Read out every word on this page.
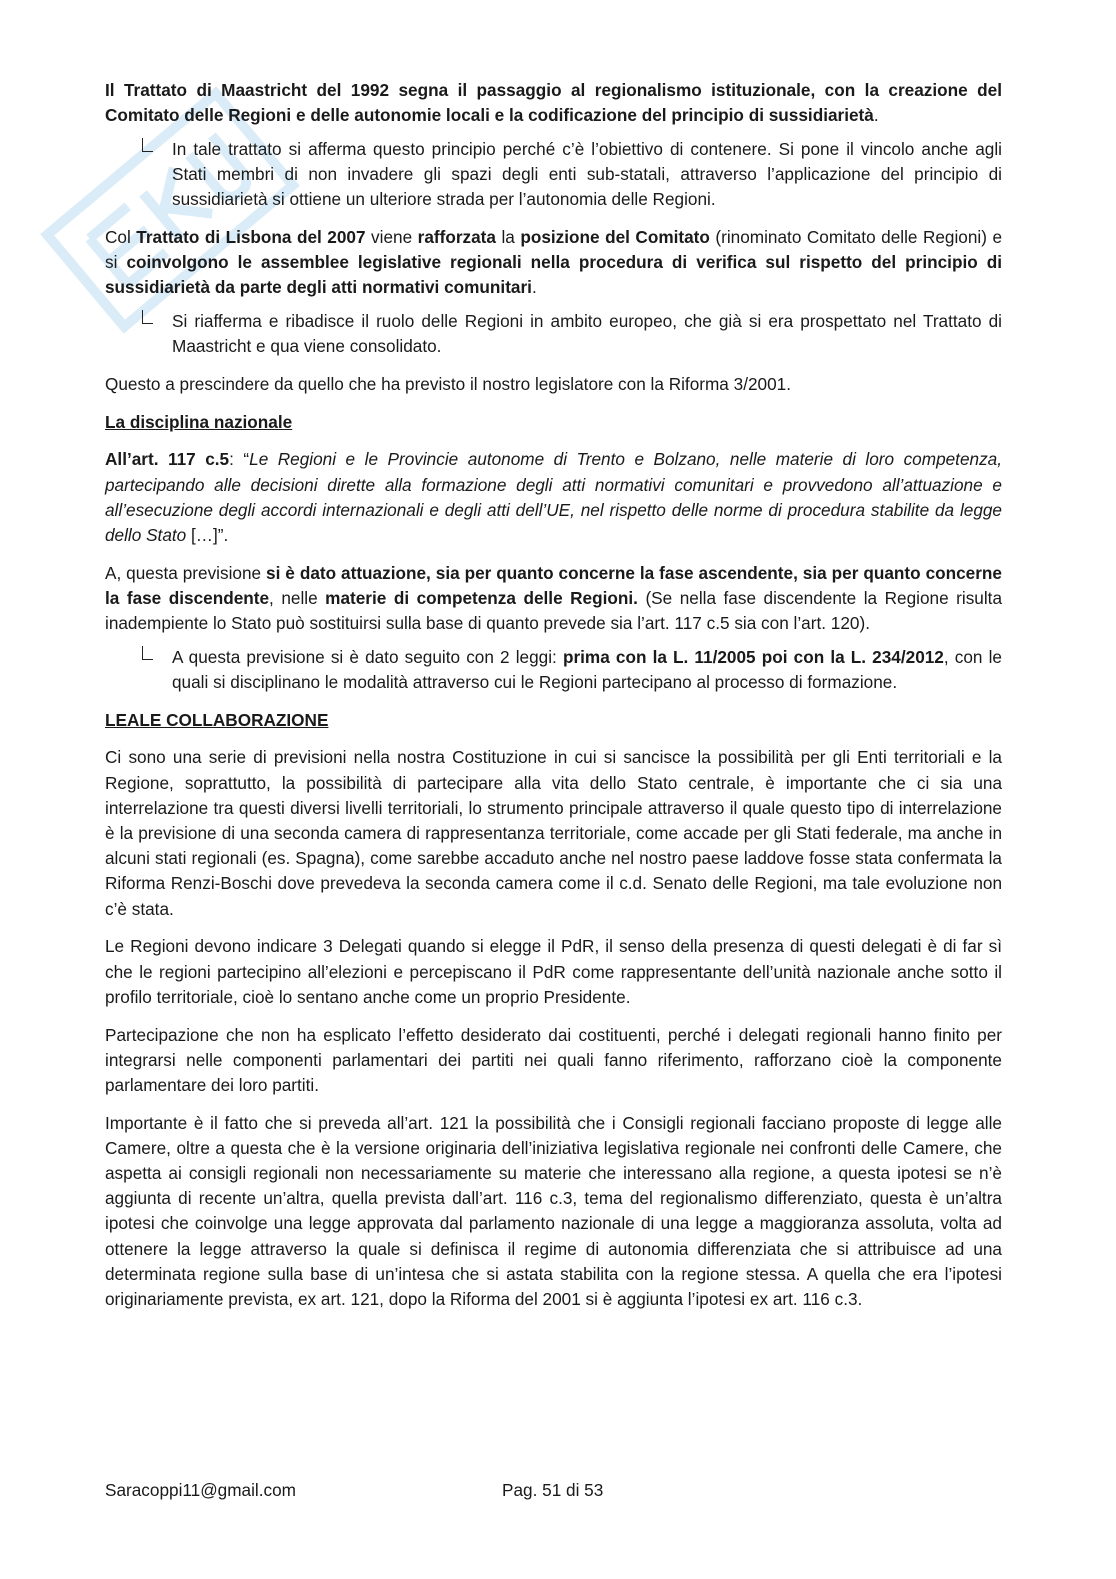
Il Trattato di Maastricht del 1992 segna il passaggio al regionalismo istituzionale, con la creazione del Comitato delle Regioni e delle autonomie locali e la codificazione del principio di sussidiarietà.

In tale trattato si afferma questo principio perché c’è l’obiettivo di contenere. Si pone il vincolo anche agli Stati membri di non invadere gli spazi degli enti sub-statali, attraverso l’applicazione del principio di sussidiarietà si ottiene un ulteriore strada per l’autonomia delle Regioni.

Col Trattato di Lisbona del 2007 viene rafforzata la posizione del Comitato (rinominato Comitato delle Regioni) e si coinvolgono le assemblee legislative regionali nella procedura di verifica sul rispetto del principio di sussidiarietà da parte degli atti normativi comunitari.

Si riafferma e ribadisce il ruolo delle Regioni in ambito europeo, che già si era prospettato nel Trattato di Maastricht e qua viene consolidato.

Questo a prescindere da quello che ha previsto il nostro legislatore con la Riforma 3/2001.

La disciplina nazionale

All’art. 117 c.5: “Le Regioni e le Provincie autonome di Trento e Bolzano, nelle materie di loro competenza, partecipando alle decisioni dirette alla formazione degli atti normativi comunitari e provvedono all’attuazione e all’esecuzione degli accordi internazionali e degli atti dell’UE, nel rispetto delle norme di procedura stabilite da legge dello Stato […]”.

A, questa previsione si è dato attuazione, sia per quanto concerne la fase ascendente, sia per quanto concerne la fase discendente, nelle materie di competenza delle Regioni. (Se nella fase discendente la Regione risulta inadempiente lo Stato può sostituirsi sulla base di quanto prevede sia l’art. 117 c.5 sia con l’art. 120).

A questa previsione si è dato seguito con 2 leggi: prima con la L. 11/2005 poi con la L. 234/2012, con le quali si disciplinano le modalità attraverso cui le Regioni partecipano al processo di formazione.
LEALE COLLABORAZIONE

Ci sono una serie di previsioni nella nostra Costituzione in cui si sancisce la possibilità per gli Enti territoriali e la Regione, soprattutto, la possibilità di partecipare alla vita dello Stato centrale, è importante che ci sia una interrelazione tra questi diversi livelli territoriali, lo strumento principale attraverso il quale questo tipo di interrelazione è la previsione di una seconda camera di rappresentanza territoriale, come accade per gli Stati federale, ma anche in alcuni stati regionali (es. Spagna), come sarebbe accaduto anche nel nostro paese laddove fosse stata confermata la Riforma Renzi-Boschi dove prevedeva la seconda camera come il c.d. Senato delle Regioni, ma tale evoluzione non c’è stata.

Le Regioni devono indicare 3 Delegati quando si elegge il PdR, il senso della presenza di questi delegati è di far sì che le regioni partecipino all’elezioni e percepiscano il PdR come rappresentante dell’unità nazionale anche sotto il profilo territoriale, cioè lo sentano anche come un proprio Presidente.

Partecipazione che non ha esplicato l’effetto desiderato dai costituenti, perché i delegati regionali hanno finito per integrarsi nelle componenti parlamentari dei partiti nei quali fanno riferimento, rafforzano cioè la componente parlamentare dei loro partiti.

Importante è il fatto che si preveda all’art. 121 la possibilità che i Consigli regionali facciano proposte di legge alle Camere, oltre a questa che è la versione originaria dell’iniziativa legislativa regionale nei confronti delle Camere, che aspetta ai consigli regionali non necessariamente su materie che interessano alla regione, a questa ipotesi se n’è aggiunta di recente un’altra, quella prevista dall’art. 116 c.3, tema del regionalismo differenziato, questa è un’altra ipotesi che coinvolge una legge approvata dal parlamento nazionale di una legge a maggioranza assoluta, volta ad ottenere la legge attraverso la quale si definisca il regime di autonomia differenziata che si attribuisce ad una determinata regione sulla base di un’intesa che si astata stabilita con la regione stessa. A quella che era l’ipotesi originariamente prevista, ex art. 121, dopo la Riforma del 2001 si è aggiunta l’ipotesi ex art. 116 c.3.

Saracoppi11@gmail.com	Pag. 51 di 53
